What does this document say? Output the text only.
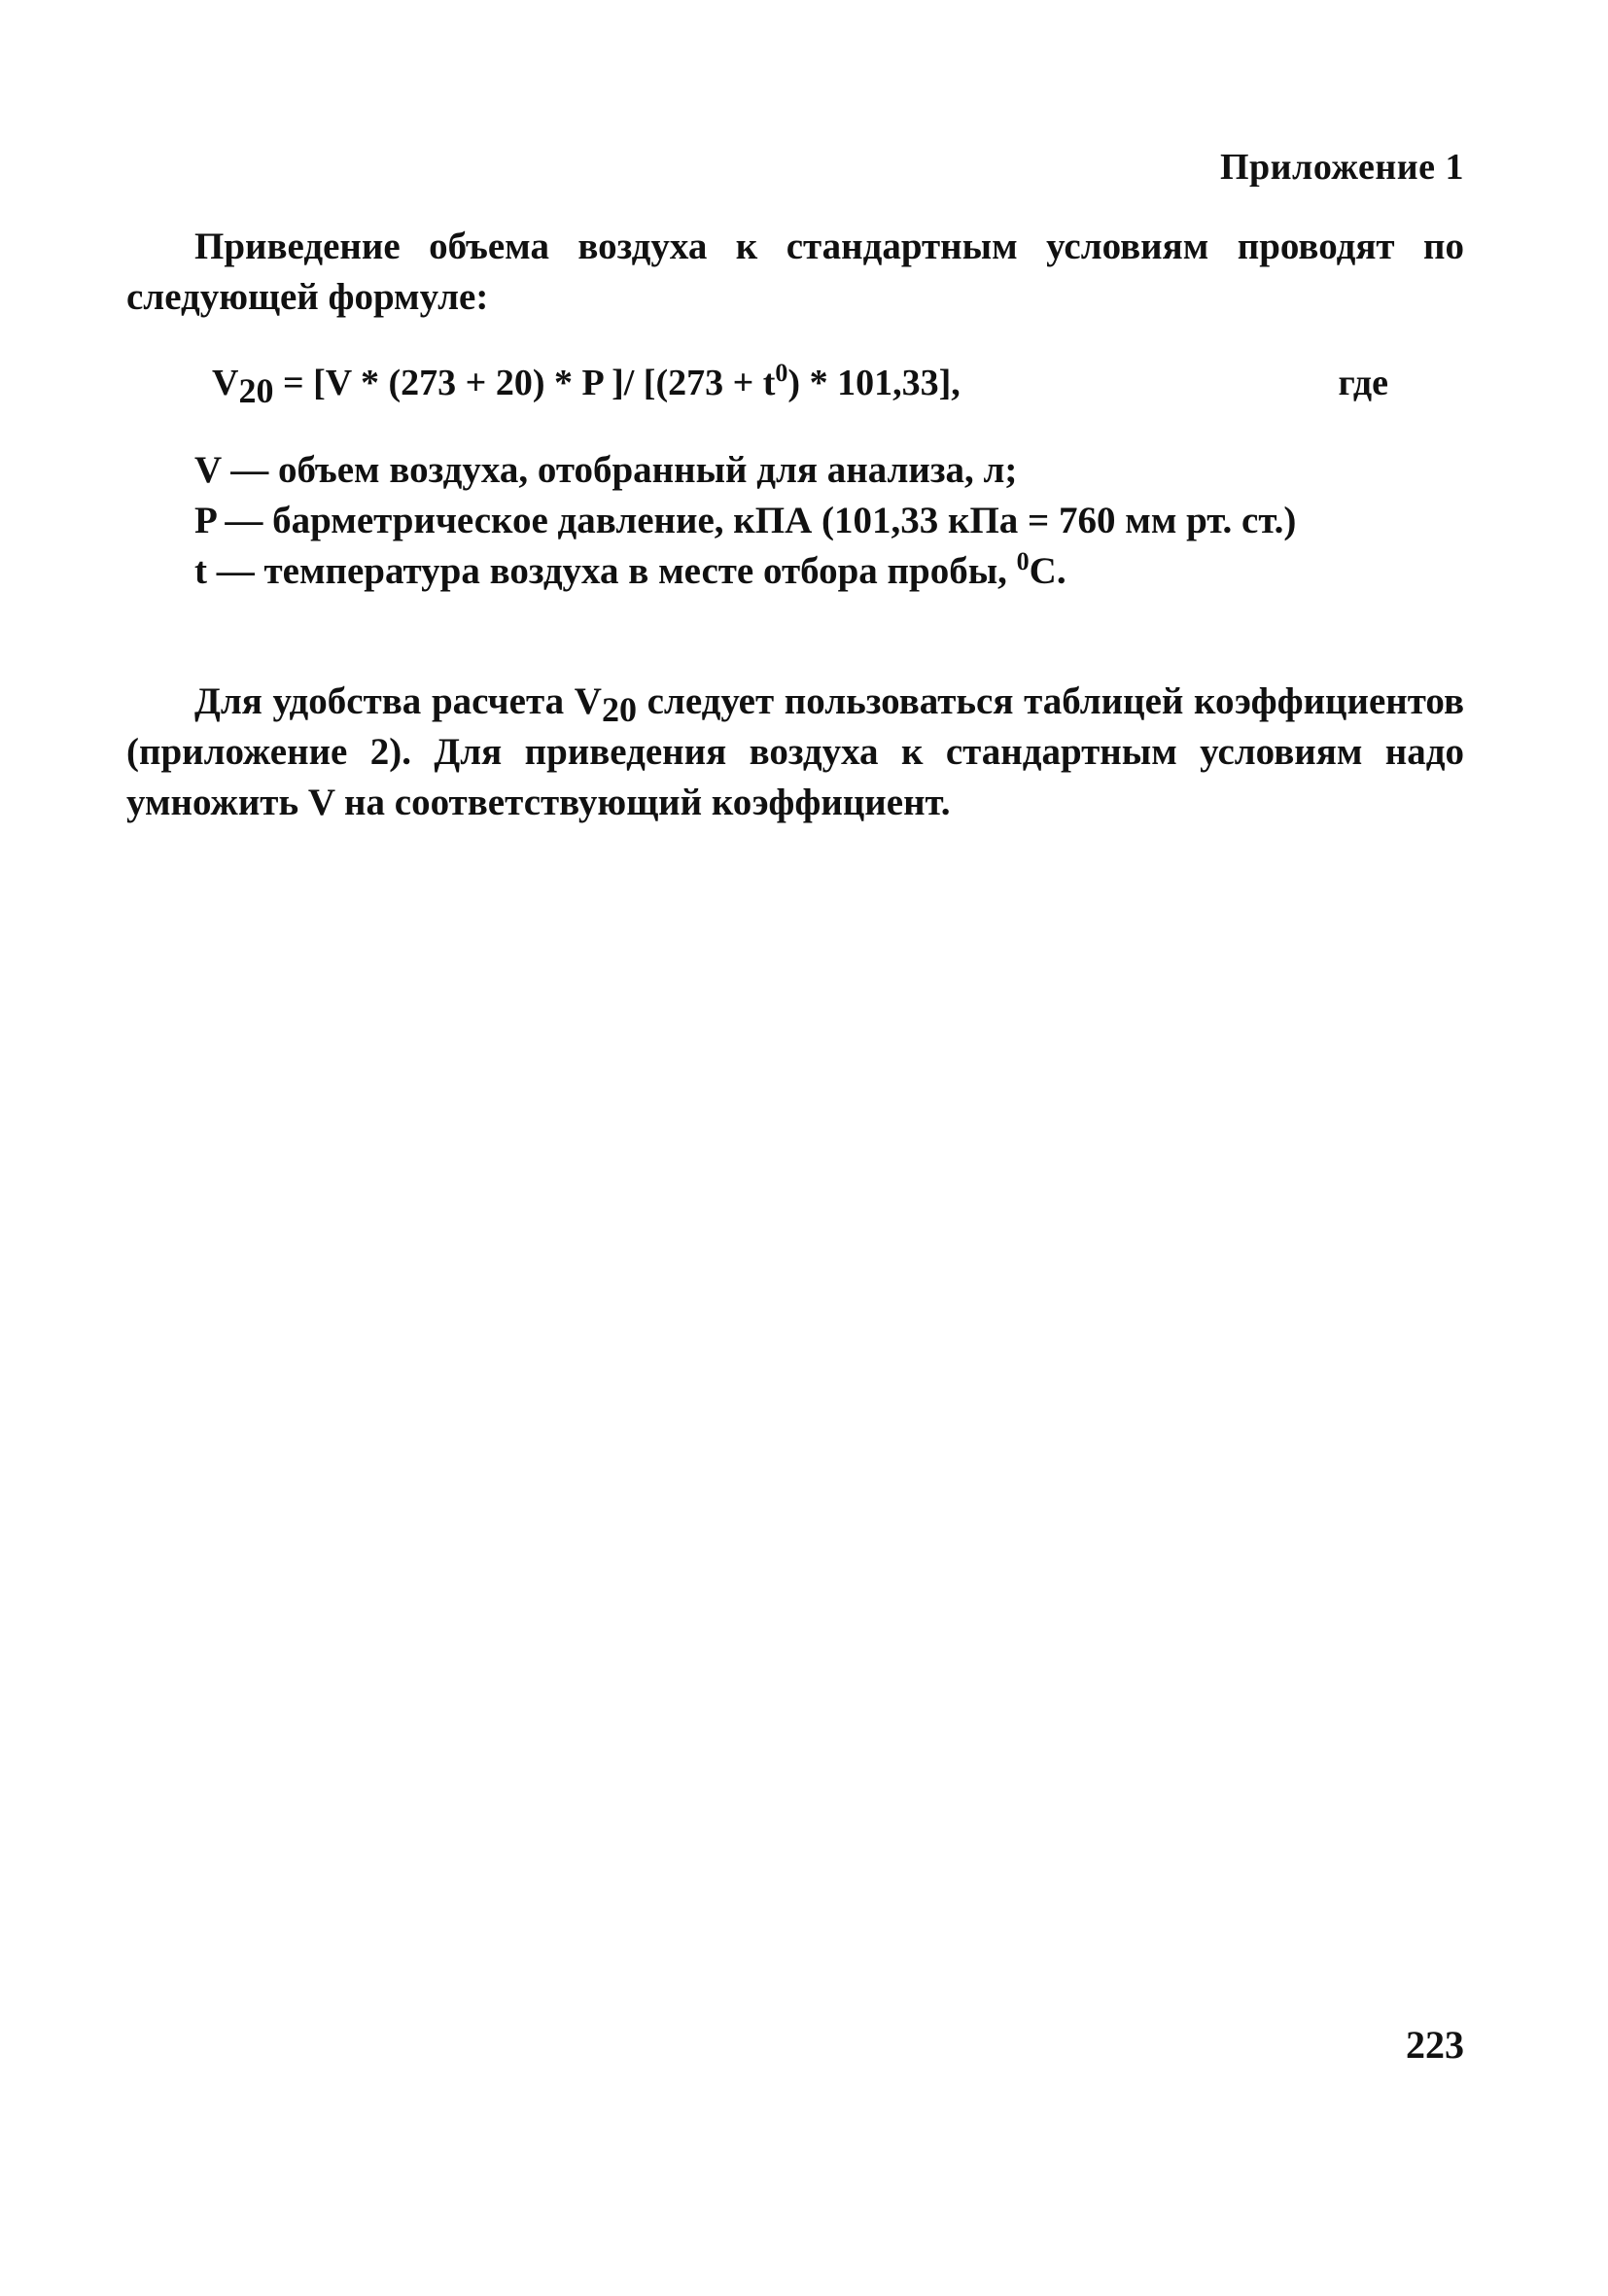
Приложение 1
Приведение объема воздуха к стандартным условиям проводят по следующей формуле:
$V_{20} = [V * (273 + 20) * P$ ]/ $[(273 + t^0) * 101,33]$,	где
V — объем воздуха, отобранный для анализа, л;
P — барметрическое давление, кПА (101,33 кПа = 760 мм рт. ст.)
t — температура воздуха в месте отбора пробы, $^0$C.
Для удобства расчета $V_{20}$ следует пользоваться таблицей коэффициентов (приложение 2). Для приведения воздуха к стандартным условиям надо умножить V на соответствующий коэффициент.
223
